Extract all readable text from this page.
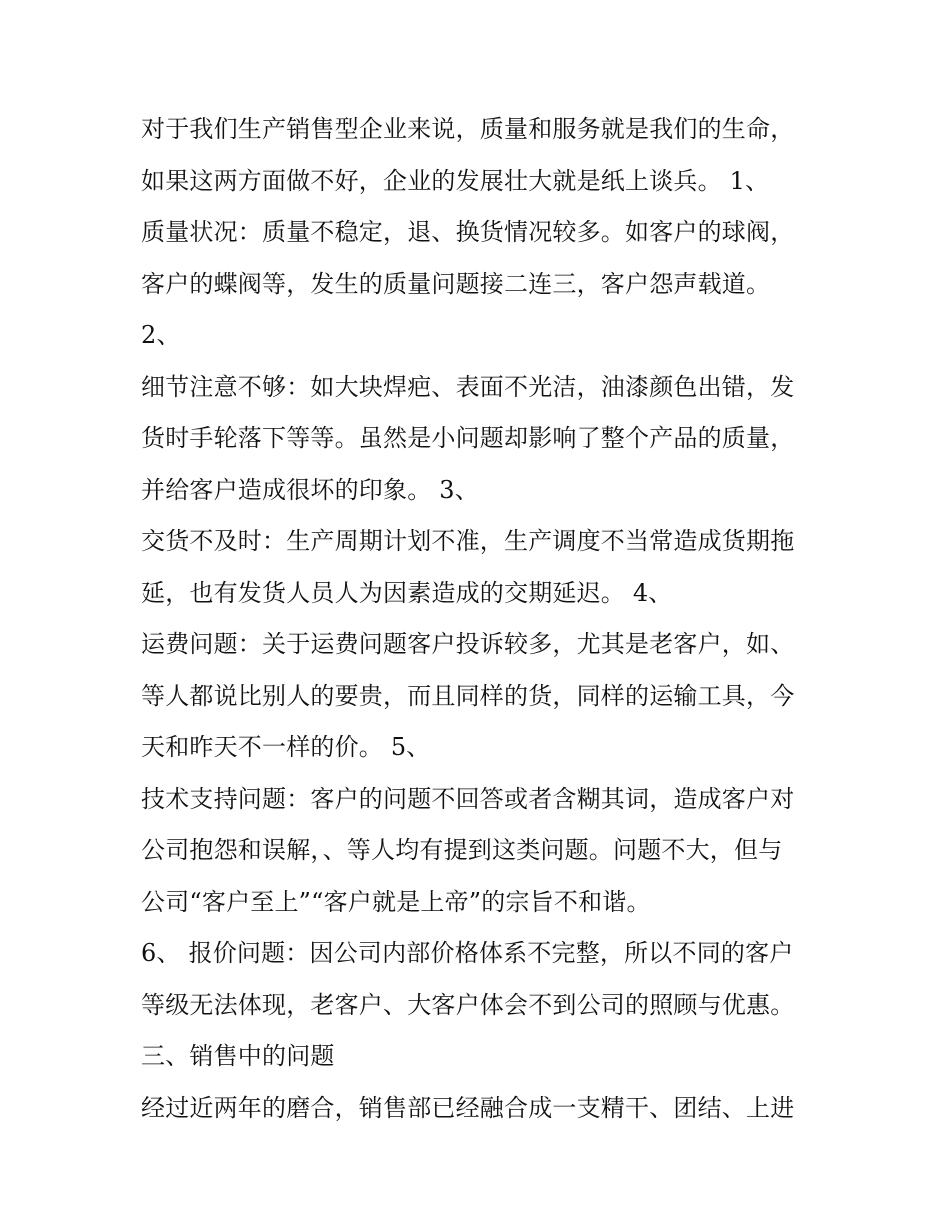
对于我们生产销售型企业来说，质量和服务就是我们的生命，
如果这两方面做不好，企业的发展壮大就是纸上谈兵。 1、
质量状况：质量不稳定，退、换货情况较多。如客户的球阀，
客户的蝶阀等，发生的质量问题接二连三，客户怨声载道。
2、
细节注意不够：如大块焊疤、表面不光洁，油漆颜色出错，发
货时手轮落下等等。虽然是小问题却影响了整个产品的质量，
并给客户造成很坏的印象。 3、
交货不及时：生产周期计划不准，生产调度不当常造成货期拖
延，也有发货人员人为因素造成的交期延迟。 4、
运费问题：关于运费问题客户投诉较多，尤其是老客户，如、
等人都说比别人的要贵，而且同样的货，同样的运输工具，今
天和昨天不一样的价。 5、
技术支持问题：客户的问题不回答或者含糊其词，造成客户对
公司抱怨和误解，、等人均有提到这类问题。问题不大，但与
公司“客户至上”“客户就是上帝”的宗旨不和谐。
6、 报价问题：因公司内部价格体系不完整，所以不同的客户
等级无法体现，老客户、大客户体会不到公司的照顾与优惠。
三、销售中的问题
经过近两年的磨合，销售部已经融合成一支精干、团结、上进
